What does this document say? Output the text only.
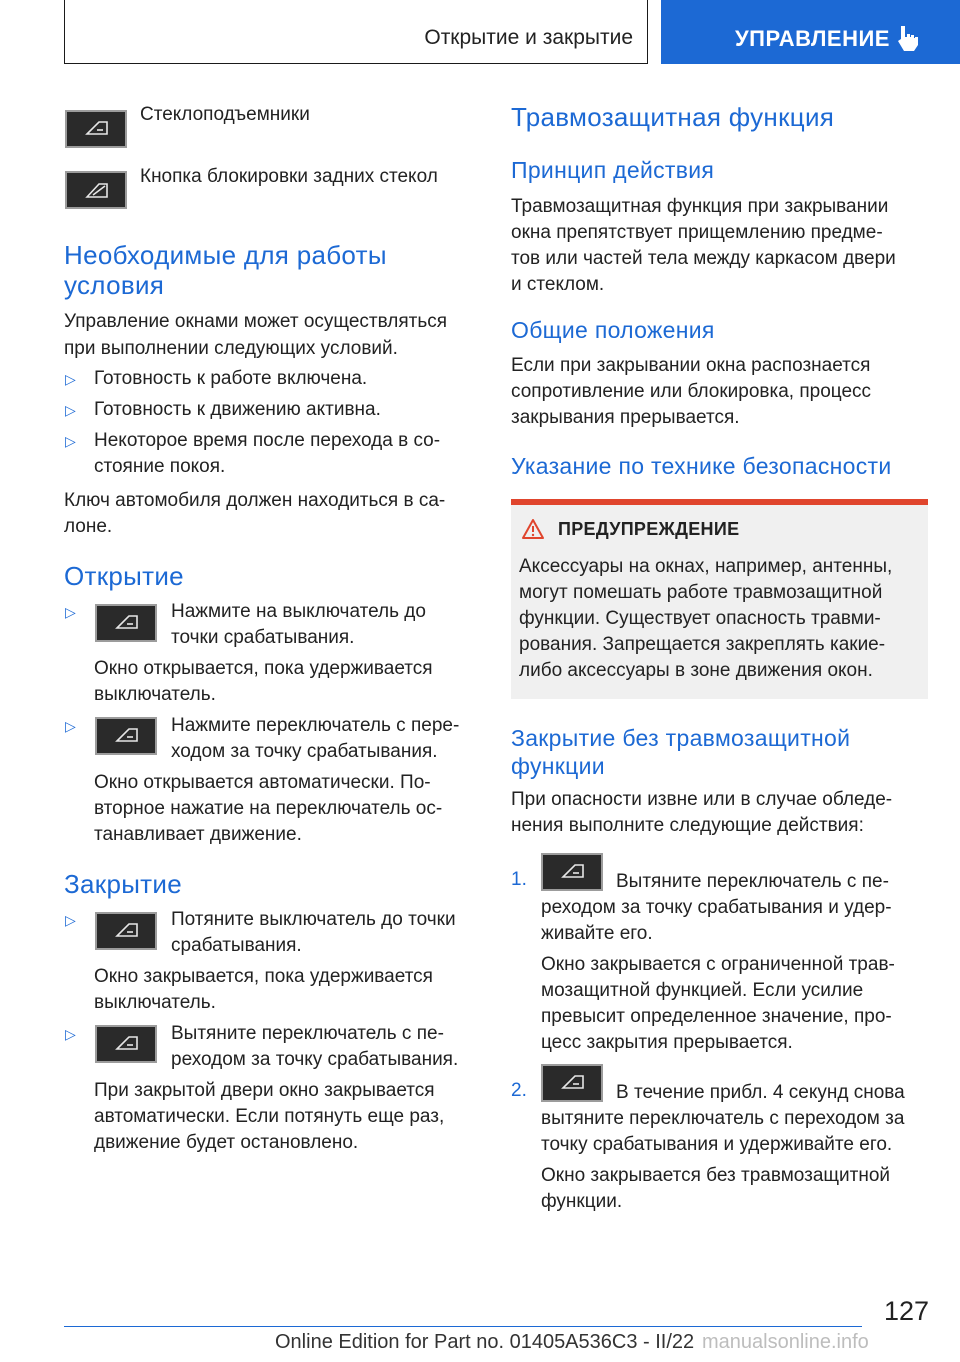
Открытие и закрытие	УПРАВЛЕНИЕ

Стеклоподъемники

Кнопка блокировки задних стекол

Необходимые для работы
условия

Управление окнами может осуществляться

при выполнении следующих условий.

▷ Готовность к работе включена.

▷ Готовность к движению активна.

▷ Некоторое время после перехода в со-

стояние покоя.

Ключ автомобиля должен находиться в са-

лоне.

Открытие
▷	Нажмите на выключатель до

точки срабатывания.

Окно открывается, пока удерживается

выключатель.

▷	Нажмите переключатель с пере-

ходом за точку срабатывания.

Окно открывается автоматически. По-

вторное нажатие на переключатель ос-

танавливает движение.

Закрытие
▷	Потяните выключатель до точки

срабатывания.

Окно закрывается, пока удерживается

выключатель.

▷	Вытяните переключатель с пе-

реходом за точку срабатывания.

При закрытой двери окно закрывается

автоматически. Если потянуть еще раз,

движение будет остановлено.

Травмозащитная функция
Принцип действия

Травмозащитная функция при закрывании

окна препятствует прищемлению предме-

тов или частей тела между каркасом двери

и стеклом.

Общие положения

Если при закрывании окна распознается

сопротивление или блокировка, процесс

закрывания прерывается.

Указание по технике безопасности
ПРЕДУПРЕЖДЕНИЕ

Аксессуары на окнах, например, антенны,

могут помешать работе травмозащитной

функции. Существует опасность травми-

рования. Запрещается закреплять какие-

либо аксессуары в зоне движения окон.

Закрытие без травмозащитной
функции

При опасности извне или в случае обледе-

нения выполните следующие действия:

1.	Вытяните переключатель с пе-

реходом за точку срабатывания и удер-

живайте его.

Окно закрывается с ограниченной трав-

мозащитной функцией. Если усилие

превысит определенное значение, про-

цесс закрытия прерывается.

2.	В течение прибл. 4 секунд снова

вытяните переключатель с переходом за

точку срабатывания и удерживайте его.

Окно закрывается без травмозащитной

функции.

127
Online Edition for Part no. 01405A536C3 - II/22 manualsonline.info
